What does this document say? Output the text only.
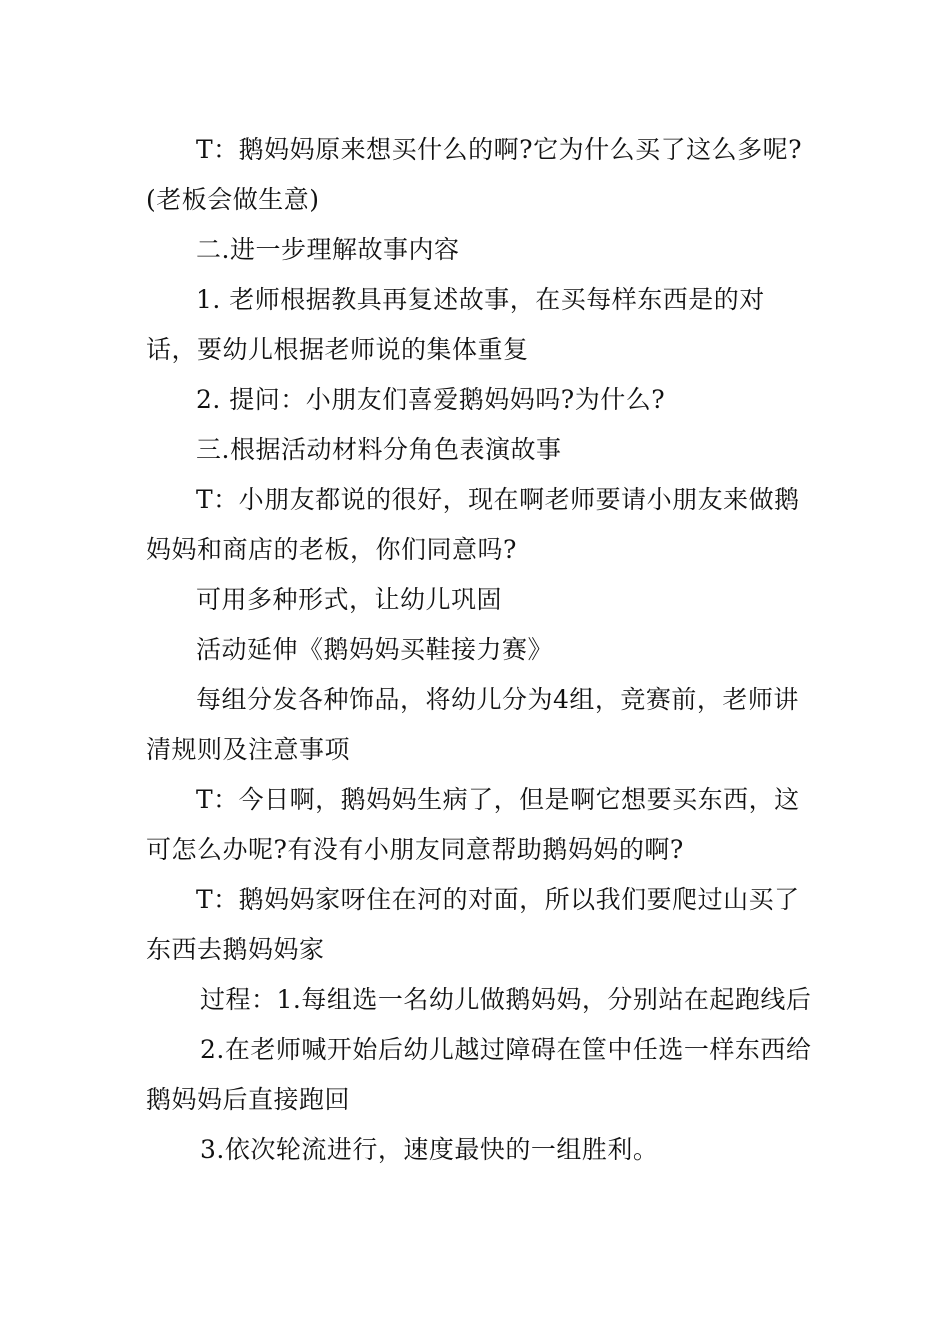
T：鹅妈妈原来想买什么的啊?它为什么买了这么多呢?(老板会做生意)

二.进一步理解故事内容

1. 老师根据教具再复述故事，在买每样东西是的对话，要幼儿根据老师说的集体重复

2. 提问：小朋友们喜爱鹅妈妈吗?为什么?

三.根据活动材料分角色表演故事

T：小朋友都说的很好，现在啊老师要请小朋友来做鹅妈妈和商店的老板，你们同意吗?

可用多种形式，让幼儿巩固

活动延伸《鹅妈妈买鞋接力赛》

每组分发各种饰品，将幼儿分为4组，竞赛前，老师讲清规则及注意事项

T：今日啊，鹅妈妈生病了，但是啊它想要买东西，这可怎么办呢?有没有小朋友同意帮助鹅妈妈的啊?

T：鹅妈妈家呀住在河的对面，所以我们要爬过山买了东西去鹅妈妈家

过程：1.每组选一名幼儿做鹅妈妈，分别站在起跑线后

2.在老师喊开始后幼儿越过障碍在筐中任选一样东西给鹅妈妈后直接跑回

3.依次轮流进行，速度最快的一组胜利。
